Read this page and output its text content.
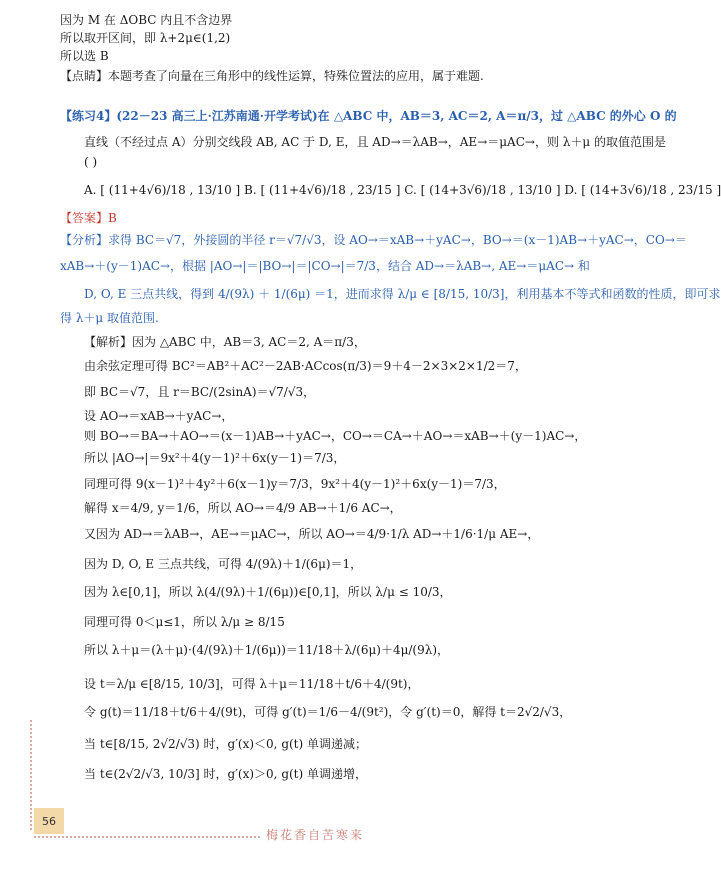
因为 M 在 ΔOBC 内且不含边界
所以取开区间，即 λ+2μ∈(1,2)
所以选 B
【点睛】本题考查了向量在三角形中的线性运算，特殊位置法的应用，属于难题.
【练习4】(22－23 高三上·江苏南通·开学考试)在 △ABC 中，AB＝3, AC＝2, A＝π/3，过 △ABC 的外心 O 的
直线（不经过点 A）分别交线段 AB, AC 于 D, E，且 AD→＝λAB→，AE→＝μAC→，则 λ＋μ 的取值范围是
( )
A. [ (11+4√6)/18 , 13/10 ] B. [ (11+4√6)/18 , 23/15 ] C. [ (14+3√6)/18 , 13/10 ] D. [ (14+3√6)/18 , 23/15 ]
【答案】B
【分析】求得 BC＝√7，外接圆的半径 r＝√7/√3，设 AO→＝xAB→＋yAC→，BO→＝(x－1)AB→＋yAC→，CO→＝
xAB→＋(y－1)AC→，根据 |AO→|＝|BO→|＝|CO→|＝7/3，结合 AD→＝λAB→, AE→＝μAC→ 和
D, O, E 三点共线，得到 4/(9λ) ＋ 1/(6μ) ＝1，进而求得 λ/μ ∈ [8/15, 10/3]，利用基本不等式和函数的性质，即可求
得 λ＋μ 取值范围.
【解析】因为 △ABC 中，AB＝3, AC＝2, A＝π/3，
由余弦定理可得 BC²＝AB²＋AC²－2AB·ACcos(π/3)＝9＋4－2×3×2×1/2＝7，
即 BC＝√7，且 r＝BC/(2sinA)＝√7/√3，
设 AO→＝xAB→＋yAC→，
则 BO→＝BA→＋AO→＝(x－1)AB→＋yAC→，CO→＝CA→＋AO→＝xAB→＋(y－1)AC→，
所以 |AO→|＝9x²＋4(y－1)²＋6x(y－1)＝7/3，
同理可得 9(x－1)²＋4y²＋6(x－1)y＝7/3，9x²＋4(y－1)²＋6x(y－1)＝7/3，
解得 x＝4/9, y＝1/6，所以 AO→＝4/9 AB→＋1/6 AC→，
又因为 AD→＝λAB→，AE→＝μAC→，所以 AO→＝4/9·1/λ AD→＋1/6·1/μ AE→，
因为 D, O, E 三点共线，可得 4/(9λ)＋1/(6μ)＝1，
因为 λ∈[0,1]，所以 λ(4/(9λ)＋1/(6μ))∈[0,1]，所以 λ/μ ≤ 10/3，
同理可得 0＜μ≤1，所以 λ/μ ≥ 8/15
所以 λ＋μ＝(λ＋μ)·(4/(9λ)＋1/(6μ))＝11/18＋λ/(6μ)＋4μ/(9λ)，
设 t＝λ/μ ∈[8/15, 10/3]，可得 λ＋μ＝11/18＋t/6＋4/(9t)，
令 g(t)＝11/18＋t/6＋4/(9t)，可得 g′(t)＝1/6－4/(9t²)，令 g′(t)＝0，解得 t＝2√2/√3，
当 t∈[8/15, 2√2/√3) 时，g′(x)＜0, g(t) 单调递减；
当 t∈(2√2/√3, 10/3] 时，g′(x)＞0, g(t) 单调递增，
56
梅花香自苦寒来
